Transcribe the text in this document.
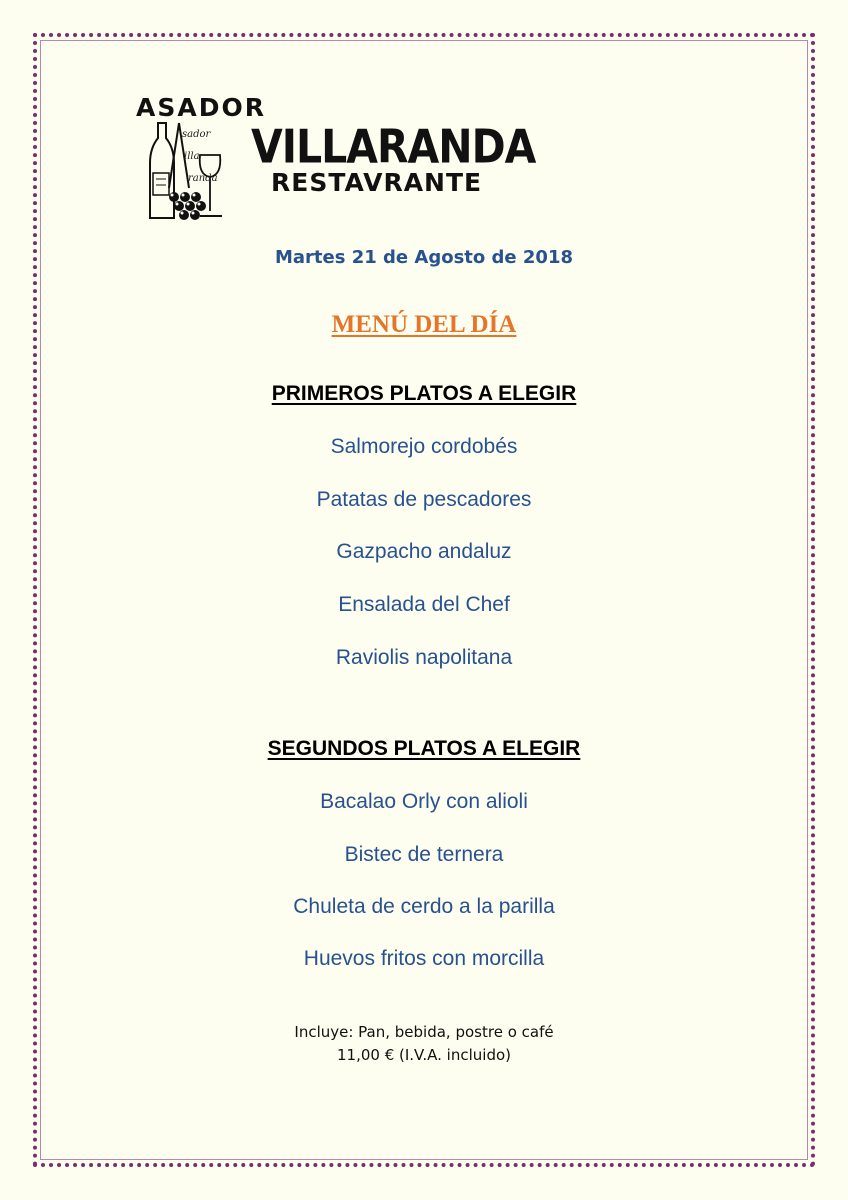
ASADOR
VILLARANDA
RESTAVRANTE
sador
illa
randa
Martes 21 de Agosto de 2018
MENÚ DEL DÍA
PRIMEROS PLATOS A ELEGIR
Salmorejo cordobés
Patatas de pescadores
Gazpacho andaluz
Ensalada del Chef
Raviolis napolitana
SEGUNDOS PLATOS A ELEGIR
Bacalao Orly con alioli
Bistec de ternera
Chuleta de cerdo a la parilla
Huevos fritos con morcilla
Incluye: Pan, bebida, postre o café
11,00 € (I.V.A. incluido)
